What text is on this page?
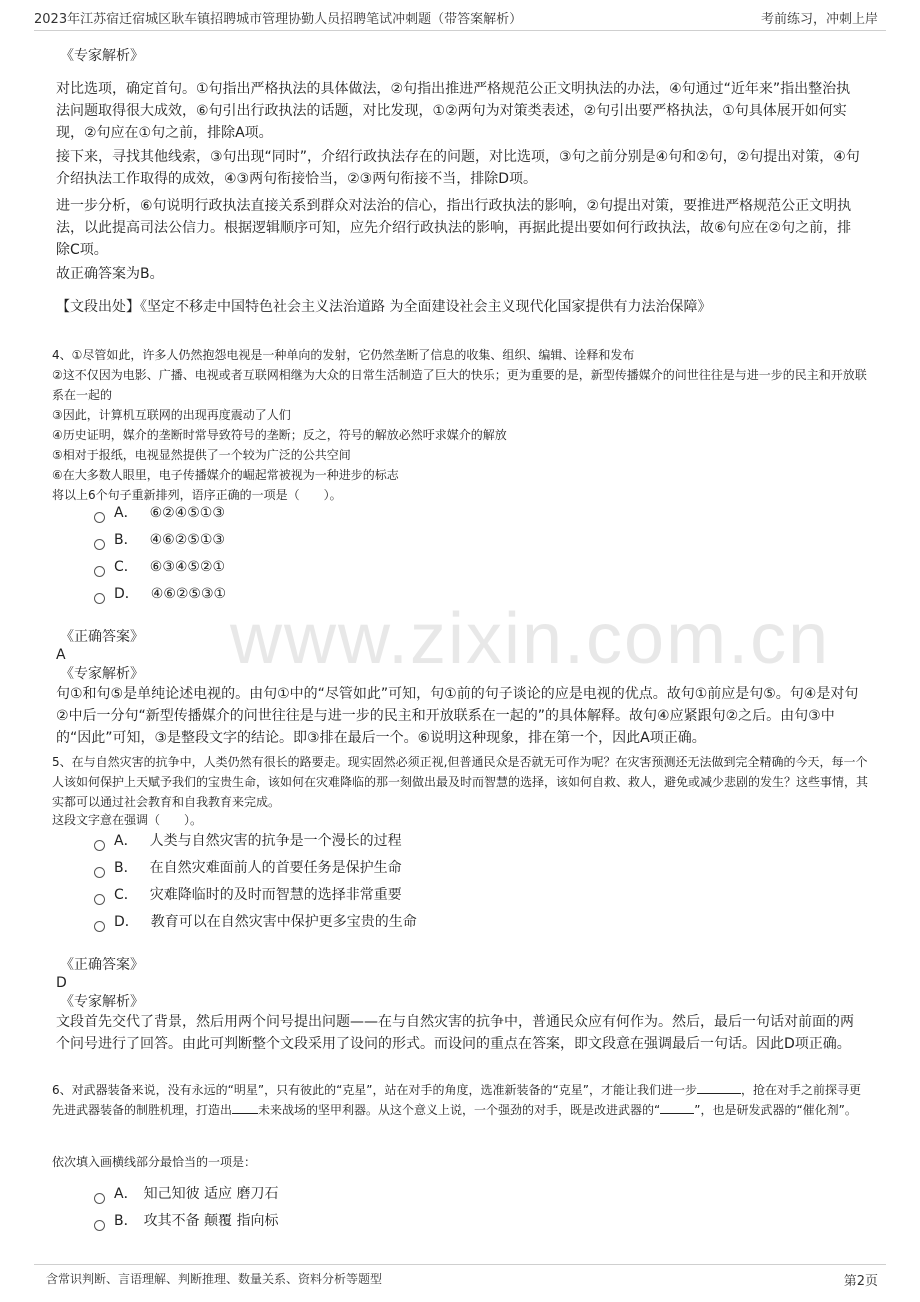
2023年江苏宿迁宿城区耿车镇招聘城市管理协勤人员招聘笔试冲刺题（带答案解析）	考前练习，冲刺上岸
www.zixin.com.cn
《专家解析》
对比选项，确定首句。①句指出严格执法的具体做法，②句指出推进严格规范公正文明执法的办法，④句通过“近年来”指出整治执法问题取得很大成效，⑥句引出行政执法的话题，对比发现，①②两句为对策类表述，②句引出要严格执法，①句具体展开如何实现，②句应在①句之前，排除A项。
接下来，寻找其他线索，③句出现“同时”，介绍行政执法存在的问题，对比选项，③句之前分别是④句和②句，②句提出对策，④句介绍执法工作取得的成效，④③两句衔接恰当，②③两句衔接不当，排除D项。
进一步分析，⑥句说明行政执法直接关系到群众对法治的信心，指出行政执法的影响，②句提出对策，要推进严格规范公正文明执法，以此提高司法公信力。根据逻辑顺序可知，应先介绍行政执法的影响，再据此提出要如何行政执法，故⑥句应在②句之前，排除C项。
故正确答案为B。
【文段出处】《坚定不移走中国特色社会主义法治道路 为全面建设社会主义现代化国家提供有力法治保障》
4、①尽管如此，许多人仍然抱怨电视是一种单向的发射，它仍然垄断了信息的收集、组织、编辑、诠释和发布
②这不仅因为电影、广播、电视或者互联网相继为大众的日常生活制造了巨大的快乐；更为重要的是，新型传播媒介的问世往往是与进一步的民主和开放联系在一起的
③因此，计算机互联网的出现再度震动了人们
④历史证明，媒介的垄断时常导致符号的垄断；反之，符号的解放必然吁求媒介的解放
⑤相对于报纸，电视显然提供了一个较为广泛的公共空间
⑥在大多数人眼里，电子传播媒介的崛起常被视为一种进步的标志
将以上6个句子重新排列，语序正确的一项是（　　）。
A． ⑥②④⑤①③
B． ④⑥②⑤①③
C． ⑥③④⑤②①
D． ④⑥②⑤③①
《正确答案》
A
《专家解析》
句①和句⑤是单纯论述电视的。由句①中的“尽管如此”可知，句①前的句子谈论的应是电视的优点。故句①前应是句⑤。句④是对句②中后一分句“新型传播媒介的问世往往是与进一步的民主和开放联系在一起的”的具体解释。故句④应紧跟句②之后。由句③中的“因此”可知，③是整段文字的结论。即③排在最后一个。⑥说明这种现象，排在第一个，因此A项正确。
5、在与自然灾害的抗争中，人类仍然有很长的路要走。现实固然必须正视,但普通民众是否就无可作为呢？在灾害预测还无法做到完全精确的今天，每一个人该如何保护上天赋予我们的宝贵生命，该如何在灾难降临的那一刻做出最及时而智慧的选择，该如何自救、救人，避免或减少悲剧的发生？这些事情，其实都可以通过社会教育和自我教育来完成。
这段文字意在强调（　　）。
A． 人类与自然灾害的抗争是一个漫长的过程
B． 在自然灾难面前人的首要任务是保护生命
C． 灾难降临时的及时而智慧的选择非常重要
D． 教育可以在自然灾害中保护更多宝贵的生命
《正确答案》
D
《专家解析》
文段首先交代了背景，然后用两个问号提出问题——在与自然灾害的抗争中，普通民众应有何作为。然后，最后一句话对前面的两个问号进行了回答。由此可判断整个文段采用了设问的形式。而设问的重点在答案，即文段意在强调最后一句话。因此D项正确。
6、对武器装备来说，没有永远的“明星”，只有彼此的“克星”，站在对手的角度，选准新装备的“克星”，才能让我们进一步	，抢在对手之前探寻更先进武器装备的制胜机理，打造出 未来战场的坚甲利器。从这个意义上说，一个强劲的对手，既是改进武器的“	”，也是研发武器的“催化剂”。
依次填入画横线部分最恰当的一项是：
A． 知己知彼 适应 磨刀石
B． 攻其不备 颠覆 指向标
含常识判断、言语理解、判断推理、数量关系、资料分析等题型	第2页
